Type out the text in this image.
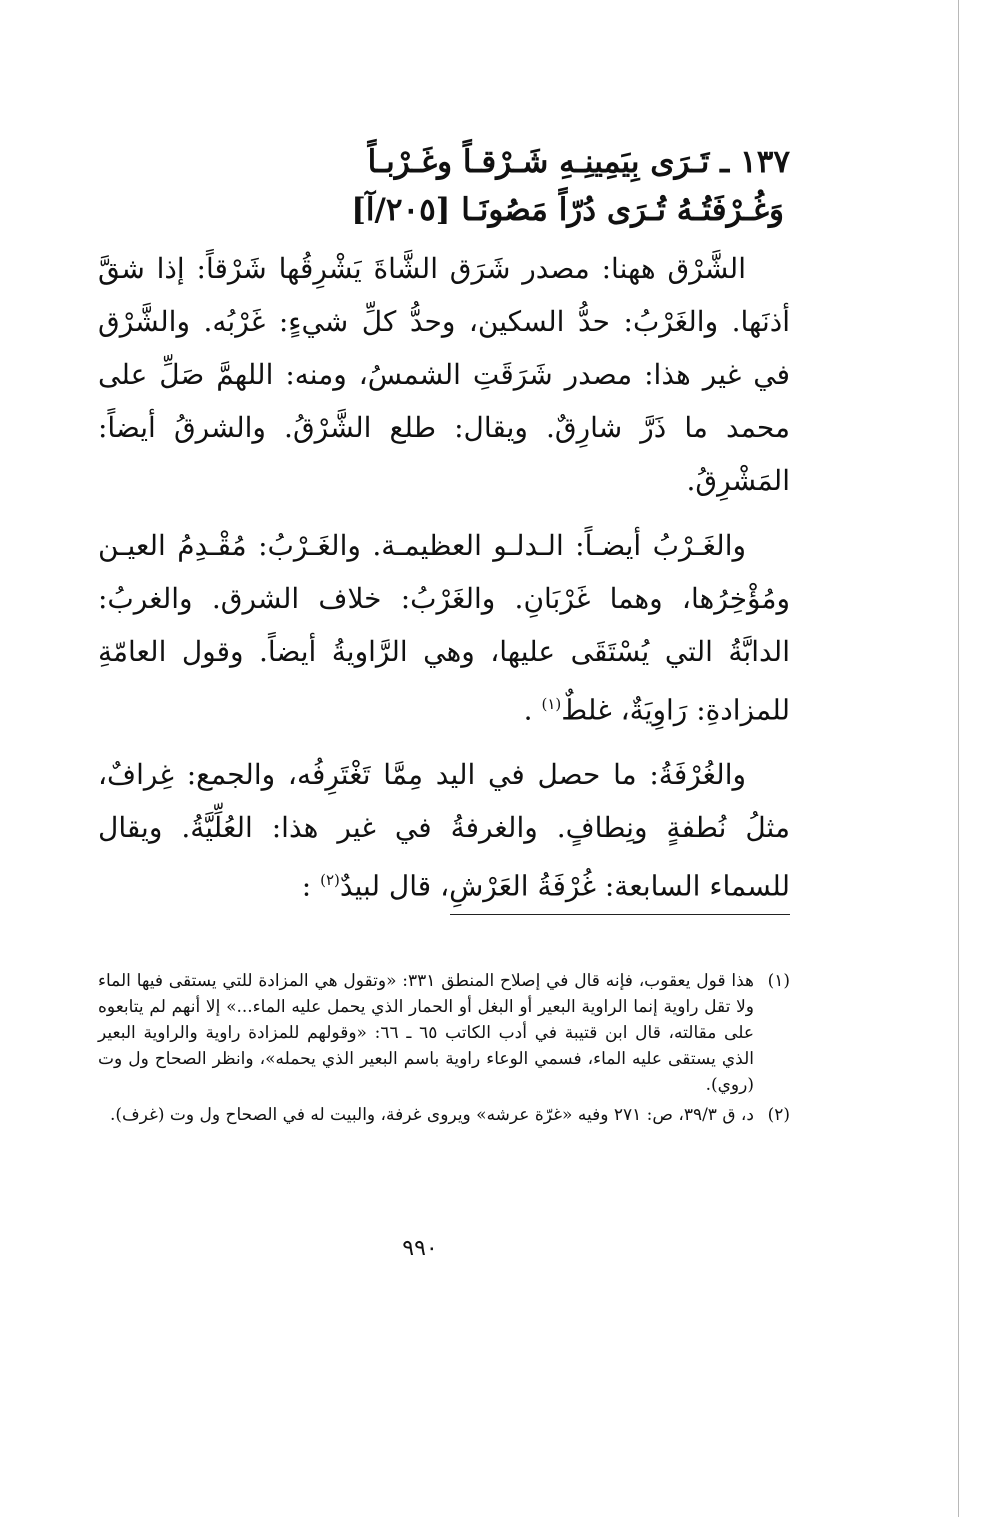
١٣٧ ـ تَـرَى بِيَمِينِـهِ شَـرْقـاً وغَـرْبـاً
وَغُـرْفَتُـهُ تُـرَى دُرّاً مَصُونَـا [٢٠٥/آ]

الشَّرْق ههنا: مصدر شَرَق الشَّاةَ يَشْرِقُها شَرْقاً: إذا شقَّ أذنَها. والغَرْبُ: حدُّ السكين، وحدُّ كلِّ شيءٍ: غَرْبُه. والشَّرْق في غير هذا: مصدر شَرَقَتِ الشمسُ، ومنه: اللهمَّ صَلِّ على محمد ما ذَرَّ شارِقٌ. ويقال: طلع الشَّرْقُ. والشرقُ أيضاً: المَشْرِقُ.

والغَـرْبُ أيضـاً: الـدلـو العظيمـة. والغَـرْبُ: مُقْـدِمُ العيـن ومُؤْخِرُها، وهما غَرْبَانِ. والغَرْبُ: خلاف الشرق. والغربُ: الدابَّةُ التي يُسْتَقَى عليها، وهي الرَّاويةُ أيضاً. وقول العامّةِ للمزادةِ: رَاوِيَةٌ، غلطٌ$^{(١)}$ .

والغُرْفَةُ: ما حصل في اليد مِمَّا تَغْتَرِفُه، والجمع: غِرافٌ، مثلُ نُطفةٍ ونِطافٍ. والغرفةُ في غير هذا: العُلِّيَّةُ. ويقال للسماء السابعة: غُرْفَةُ العَرْشِ، قال لبيدٌ$^{(٢)}$ :

(١)
هذا قول يعقوب، فإنه قال في إصلاح المنطق ٣٣١: «وتقول هي المزادة للتي يستقى فيها الماء ولا تقل راوية إنما الراوية البعير أو البغل أو الحمار الذي يحمل عليه الماء...» إلا أنهم لم يتابعوه على مقالته، قال ابن قتيبة في أدب الكاتب ٦٥ ـ ٦٦: «وقولهم للمزادة راوية والراوية البعير الذي يستقى عليه الماء، فسمي الوعاء راوية باسم البعير الذي يحمله»، وانظر الصحاح ول وت (روي).
(٢)
د، ق ٣٩/٣، ص: ٢٧١ وفيه «غرّة عرشه» ويروى غرفة، والبيت له في الصحاح ول وت (غرف).
٩٩٠
